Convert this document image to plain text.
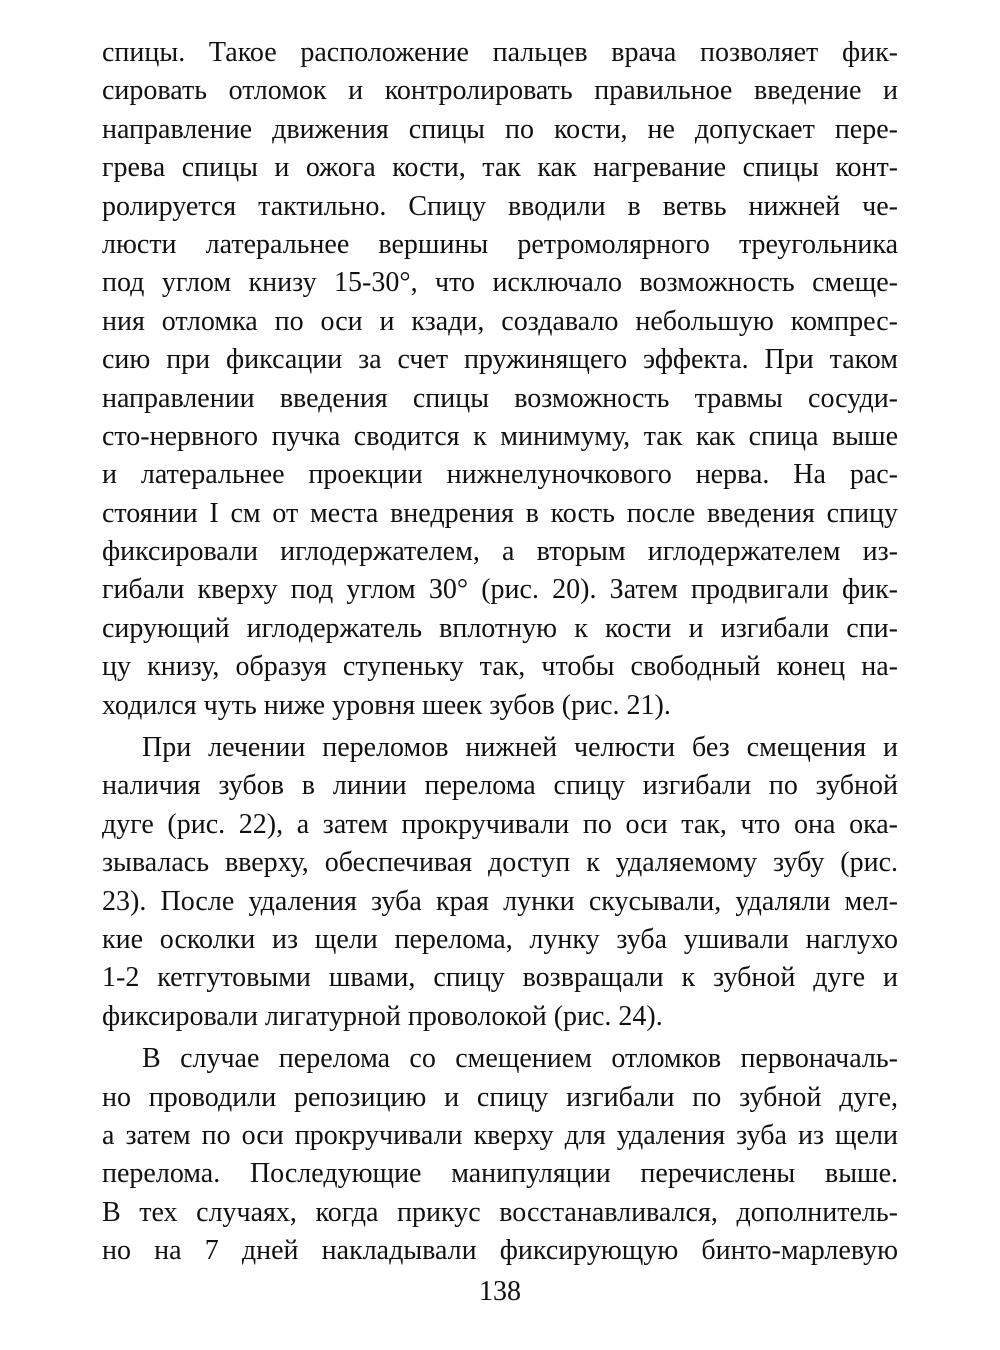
спицы. Такое расположение пальцев врача позволяет фик-
сировать отломок и контролировать правильное введение и
направление движения спицы по кости, не допускает пере-
грева спицы и ожога кости, так как нагревание спицы конт-
ролируется тактильно. Спицу вводили в ветвь нижней че-
люсти латеральнее вершины ретромолярного треугольника
под углом книзу 15-30°, что исключало возможность смеще-
ния отломка по оси и кзади, создавало небольшую компрес-
сию при фиксации за счет пружинящего эффекта. При таком
направлении введения спицы возможность травмы сосуди-
сто-нервного пучка сводится к минимуму, так как спица выше
и латеральнее проекции нижнелуночкового нерва. На рас-
стоянии I см от места внедрения в кость после введения спицу
фиксировали иглодержателем, а вторым иглодержателем из-
гибали кверху под углом 30° (рис. 20). Затем продвигали фик-
сирующий иглодержатель вплотную к кости и изгибали спи-
цу книзу, образуя ступеньку так, чтобы свободный конец на-
ходился чуть ниже уровня шеек зубов (рис. 21).
При лечении переломов нижней челюсти без смещения и
наличия зубов в линии перелома спицу изгибали по зубной
дуге (рис. 22), а затем прокручивали по оси так, что она ока-
зывалась вверху, обеспечивая доступ к удаляемому зубу (рис.
23). После удаления зуба края лунки скусывали, удаляли мел-
кие осколки из щели перелома, лунку зуба ушивали наглухо
1-2 кетгутовыми швами, спицу возвращали к зубной дуге и
фиксировали лигатурной проволокой (рис. 24).
В случае перелома со смещением отломков первоначаль-
но проводили репозицию и спицу изгибали по зубной дуге,
а затем по оси прокручивали кверху для удаления зуба из щели
перелома. Последующие манипуляции перечислены выше.
В тех случаях, когда прикус восстанавливался, дополнитель-
но на 7 дней накладывали фиксирующую бинто-марлевую
138
